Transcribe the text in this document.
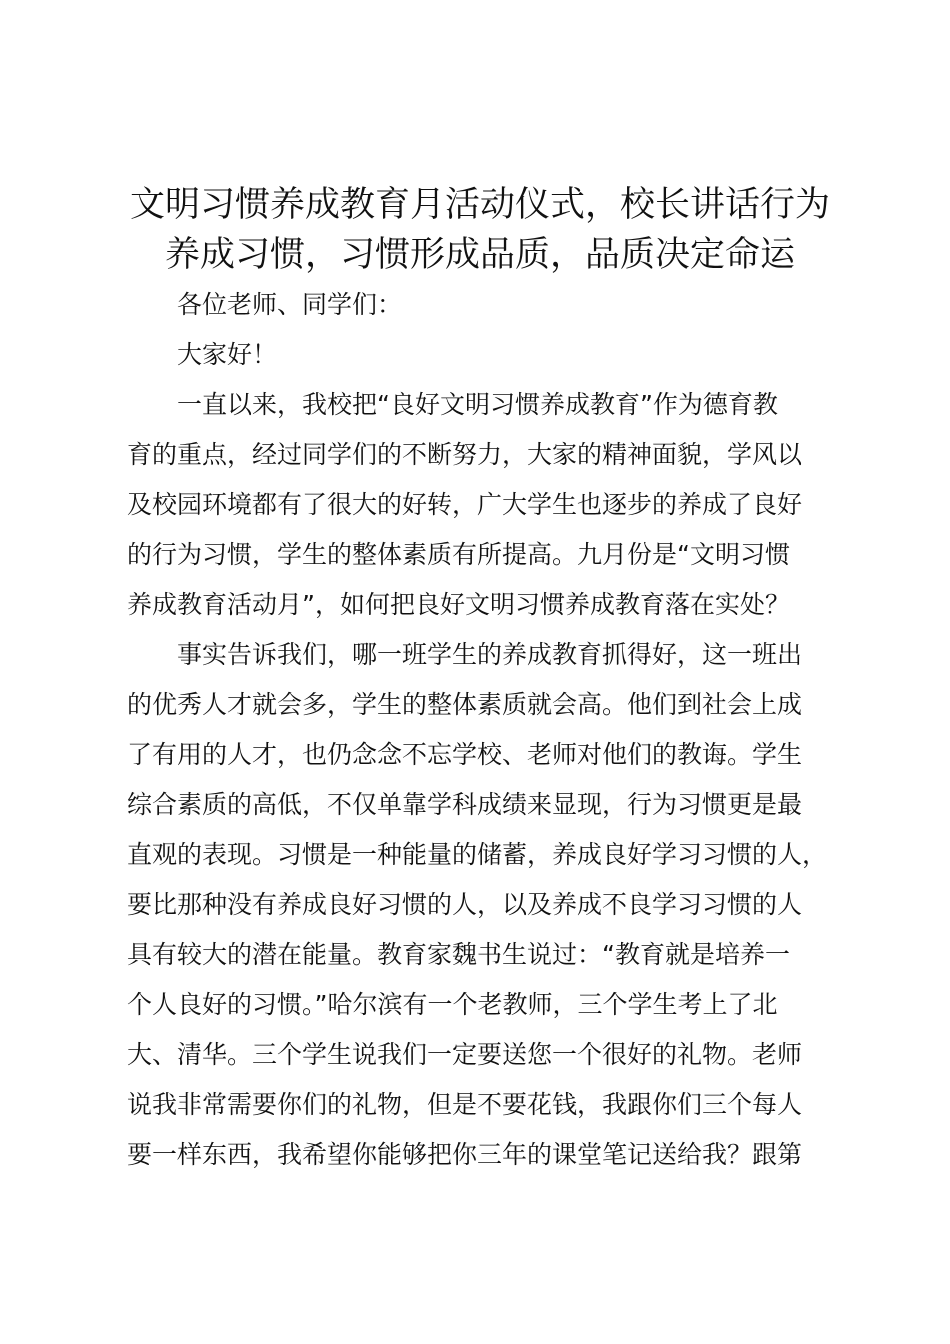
文明习惯养成教育月活动仪式，校长讲话行为
养成习惯，习惯形成品质，品质决定命运
各位老师、同学们：
大家好！
一直以来，我校把“良好文明习惯养成教育”作为德育教
育的重点，经过同学们的不断努力，大家的精神面貌，学风以
及校园环境都有了很大的好转，广大学生也逐步的养成了良好
的行为习惯，学生的整体素质有所提高。九月份是“文明习惯
养成教育活动月”，如何把良好文明习惯养成教育落在实处？
事实告诉我们，哪一班学生的养成教育抓得好，这一班出
的优秀人才就会多，学生的整体素质就会高。他们到社会上成
了有用的人才，也仍念念不忘学校、老师对他们的教诲。学生
综合素质的高低，不仅单靠学科成绩来显现，行为习惯更是最
直观的表现。习惯是一种能量的储蓄，养成良好学习习惯的人，
要比那种没有养成良好习惯的人，以及养成不良学习习惯的人
具有较大的潜在能量。教育家魏书生说过：“教育就是培养一
个人良好的习惯。”哈尔滨有一个老教师，三个学生考上了北
大、清华。三个学生说我们一定要送您一个很好的礼物。老师
说我非常需要你们的礼物，但是不要花钱，我跟你们三个每人
要一样东西，我希望你能够把你三年的课堂笔记送给我？跟第
